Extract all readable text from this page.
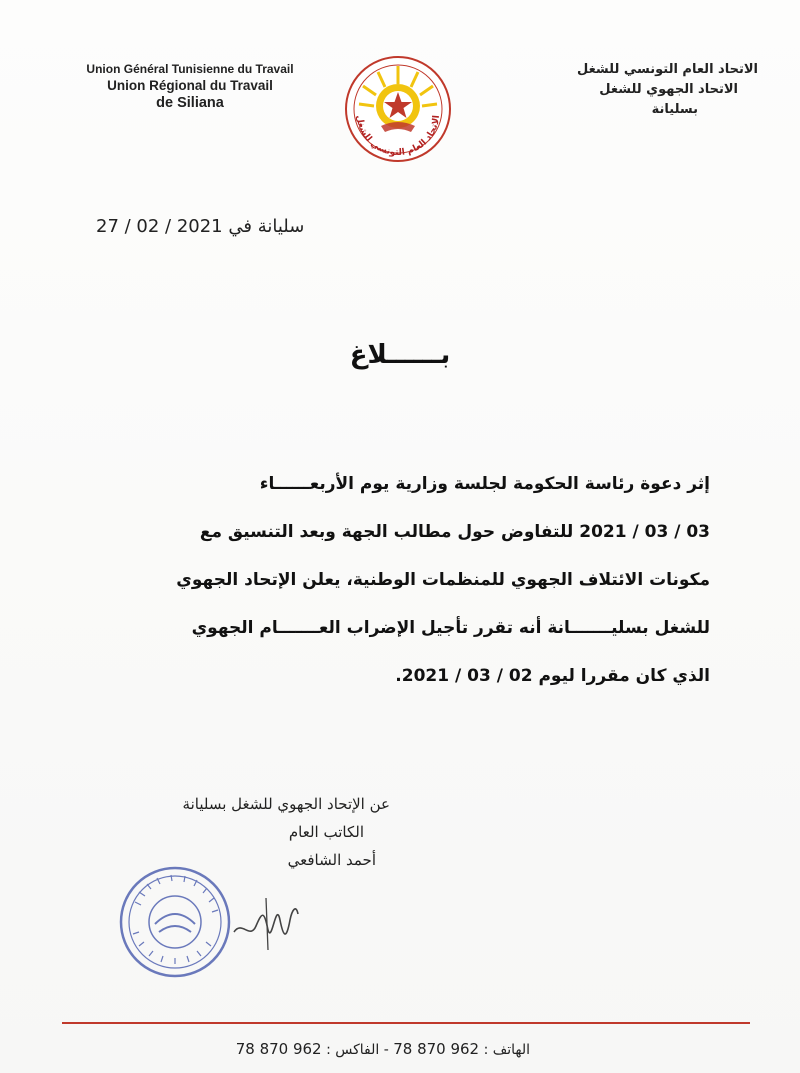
Union Général Tunisienne du Travail
Union Régional du Travail
de Siliana
الاتحاد العام التونسي للشغل
الاتحاد العام التونسي للشغل
الاتحاد الجهوي للشغل
بسليانة
سليانة في 27 / 02 / 2021
بــــــلاغ

إثر دعوة رئاسة الحكومة لجلسة وزارية يوم الأربعــــــاء

03 / 03 / 2021 للتفاوض حول مطالب الجهة وبعد التنسيق مع

مكونات الائتلاف الجهوي للمنظمات الوطنية، يعلن الإتحاد الجهوي

للشغل بسليـــــــانة أنه تقرر تأجيل الإضراب العـــــــام الجهوي

الذي كان مقررا ليوم 02 / 03 / 2021.

عن الإتحاد الجهوي للشغل بسليانة
الكاتب العام
أحمد الشافعي
الهاتف : 78 870 962 - الفاكس : 78 870 962
